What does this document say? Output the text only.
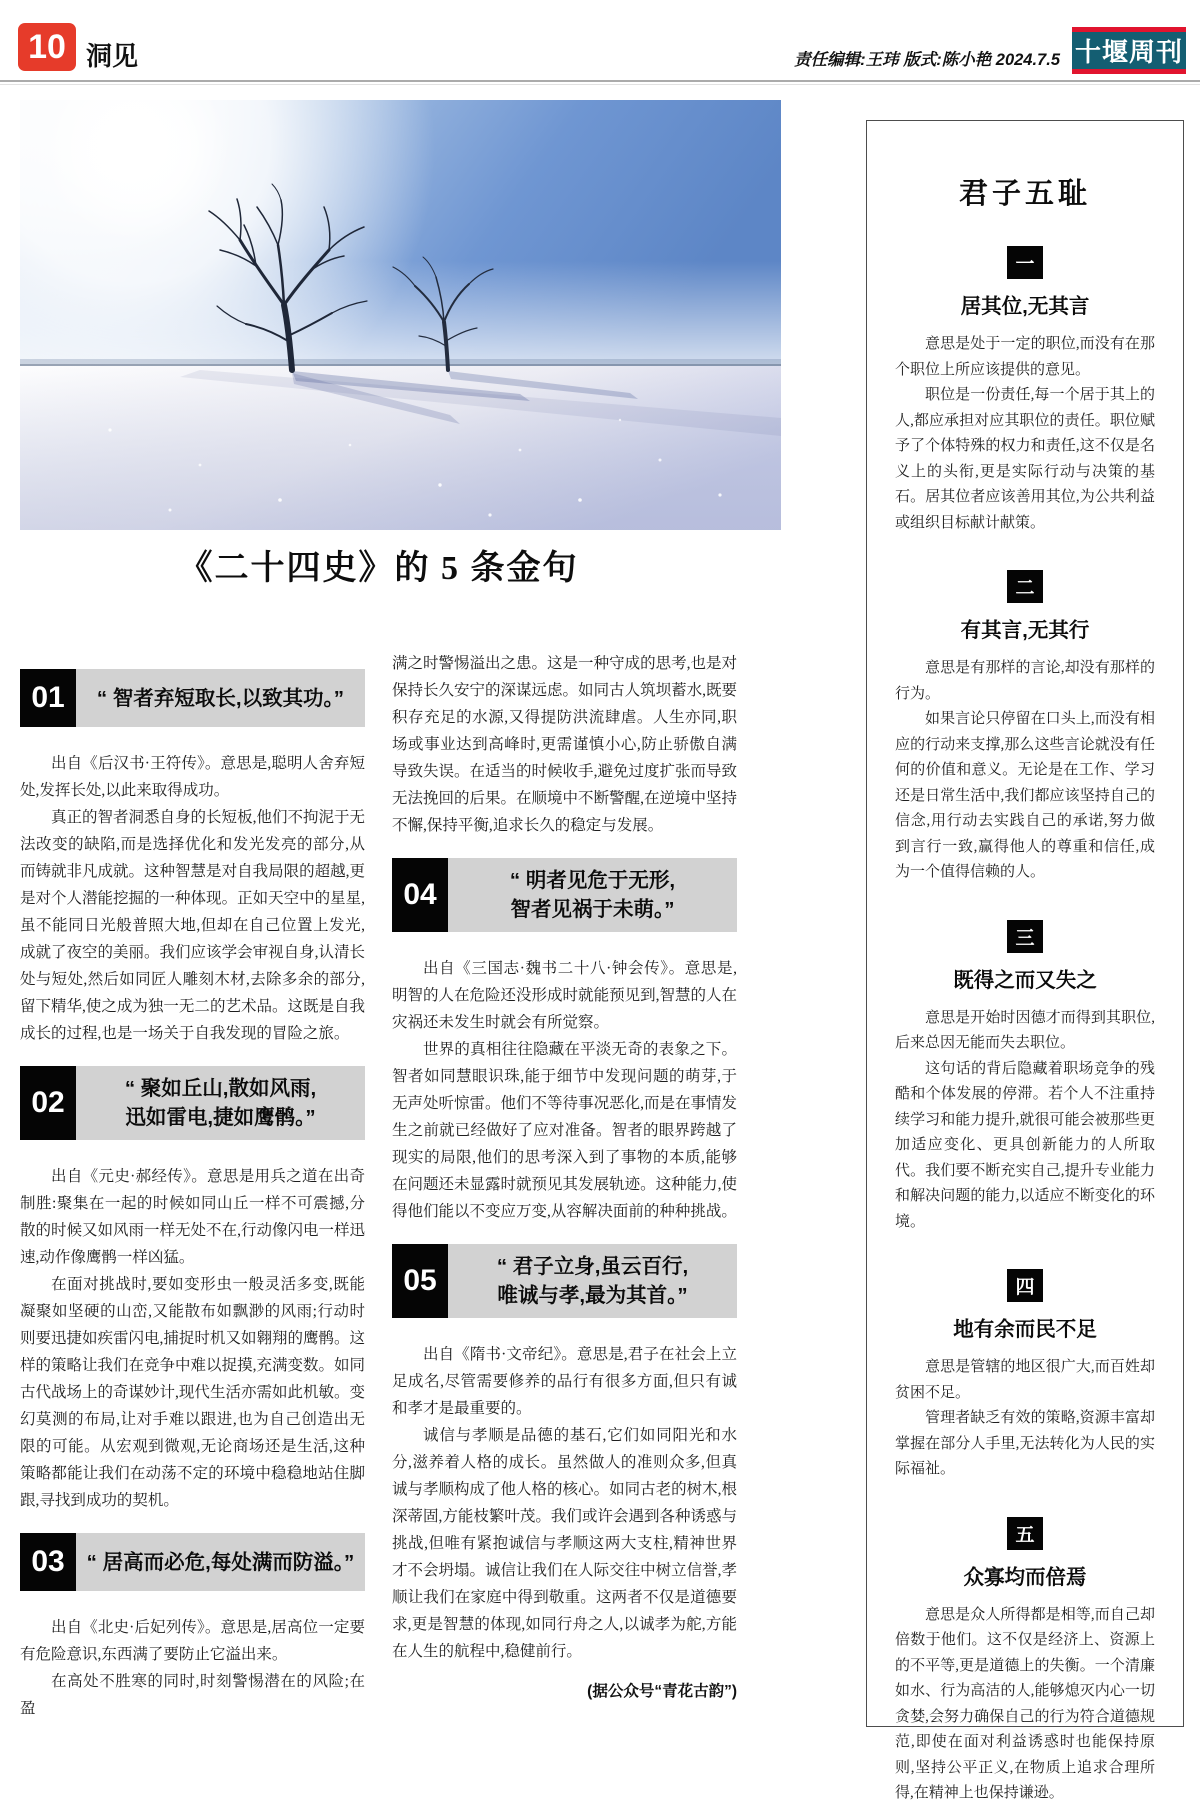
10 洞见	责任编辑:王玮 版式:陈小艳 2024.7.5 十堰周刊
《二十四史》的 5 条金句
01	“ 智者弃短取长,以致其功。”

出自《后汉书·王符传》。意思是,聪明人舍弃短处,发挥长处,以此来取得成功。

真正的智者洞悉自身的长短板,他们不拘泥于无法改变的缺陷,而是选择优化和发光发亮的部分,从而铸就非凡成就。这种智慧是对自我局限的超越,更是对个人潜能挖掘的一种体现。正如天空中的星星,虽不能同日光般普照大地,但却在自己位置上发光,成就了夜空的美丽。我们应该学会审视自身,认清长处与短处,然后如同匠人雕刻木材,去除多余的部分,留下精华,使之成为独一无二的艺术品。这既是自我成长的过程,也是一场关于自我发现的冒险之旅。

02	“ 聚如丘山,散如风雨,
迅如雷电,捷如鹰鹘。”

出自《元史·郝经传》。意思是用兵之道在出奇制胜:聚集在一起的时候如同山丘一样不可震撼,分散的时候又如风雨一样无处不在,行动像闪电一样迅速,动作像鹰鹘一样凶猛。

在面对挑战时,要如变形虫一般灵活多变,既能凝聚如坚硬的山峦,又能散布如飘渺的风雨;行动时则要迅捷如疾雷闪电,捕捉时机又如翱翔的鹰鹘。这样的策略让我们在竞争中难以捉摸,充满变数。如同古代战场上的奇谋妙计,现代生活亦需如此机敏。变幻莫测的布局,让对手难以跟进,也为自己创造出无限的可能。从宏观到微观,无论商场还是生活,这种策略都能让我们在动荡不定的环境中稳稳地站住脚跟,寻找到成功的契机。

03	“ 居高而必危,每处满而防溢。”

出自《北史·后妃列传》。意思是,居高位一定要有危险意识,东西满了要防止它溢出来。

在高处不胜寒的同时,时刻警惕潜在的风险;在盈

满之时警惕溢出之患。这是一种守成的思考,也是对保持长久安宁的深谋远虑。如同古人筑坝蓄水,既要积存充足的水源,又得提防洪流肆虐。人生亦同,职场或事业达到高峰时,更需谨慎小心,防止骄傲自满导致失误。在适当的时候收手,避免过度扩张而导致无法挽回的后果。在顺境中不断警醒,在逆境中坚持不懈,保持平衡,追求长久的稳定与发展。

04	“ 明者见危于无形,
智者见祸于未萌。”

出自《三国志·魏书二十八·钟会传》。意思是,明智的人在危险还没形成时就能预见到,智慧的人在灾祸还未发生时就会有所觉察。

世界的真相往往隐藏在平淡无奇的表象之下。智者如同慧眼识珠,能于细节中发现问题的萌芽,于无声处听惊雷。他们不等待事况恶化,而是在事情发生之前就已经做好了应对准备。智者的眼界跨越了现实的局限,他们的思考深入到了事物的本质,能够在问题还未显露时就预见其发展轨迹。这种能力,使得他们能以不变应万变,从容解决面前的种种挑战。

05	“ 君子立身,虽云百行,
唯诚与孝,最为其首。”

出自《隋书·文帝纪》。意思是,君子在社会上立足成名,尽管需要修养的品行有很多方面,但只有诚和孝才是最重要的。

诚信与孝顺是品德的基石,它们如同阳光和水分,滋养着人格的成长。虽然做人的准则众多,但真诚与孝顺构成了他人格的核心。如同古老的树木,根深蒂固,方能枝繁叶茂。我们或许会遇到各种诱惑与挑战,但唯有紧抱诚信与孝顺这两大支柱,精神世界才不会坍塌。诚信让我们在人际交往中树立信誉,孝顺让我们在家庭中得到敬重。这两者不仅是道德要求,更是智慧的体现,如同行舟之人,以诚孝为舵,方能在人生的航程中,稳健前行。

(据公众号“青花古韵”)
君子五耻
一
居其位,无其言

意思是处于一定的职位,而没有在那个职位上所应该提供的意见。

职位是一份责任,每一个居于其上的人,都应承担对应其职位的责任。职位赋予了个体特殊的权力和责任,这不仅是名义上的头衔,更是实际行动与决策的基石。居其位者应该善用其位,为公共利益或组织目标献计献策。

二
有其言,无其行

意思是有那样的言论,却没有那样的行为。

如果言论只停留在口头上,而没有相应的行动来支撑,那么这些言论就没有任何的价值和意义。无论是在工作、学习还是日常生活中,我们都应该坚持自己的信念,用行动去实践自己的承诺,努力做到言行一致,赢得他人的尊重和信任,成为一个值得信赖的人。

三
既得之而又失之

意思是开始时因德才而得到其职位,后来总因无能而失去职位。

这句话的背后隐藏着职场竞争的残酷和个体发展的停滞。若个人不注重持续学习和能力提升,就很可能会被那些更加适应变化、更具创新能力的人所取代。我们要不断充实自己,提升专业能力和解决问题的能力,以适应不断变化的环境。

四
地有余而民不足

意思是管辖的地区很广大,而百姓却贫困不足。

管理者缺乏有效的策略,资源丰富却掌握在部分人手里,无法转化为人民的实际福祉。

五
众寡均而倍焉

意思是众人所得都是相等,而自己却倍数于他们。这不仅是经济上、资源上的不平等,更是道德上的失衡。一个清廉如水、行为高洁的人,能够熄灭内心一切贪婪,会努力确保自己的行为符合道德规范,即使在面对利益诱惑时也能保持原则,坚持公平正义,在物质上追求合理所得,在精神上也保持谦逊。
